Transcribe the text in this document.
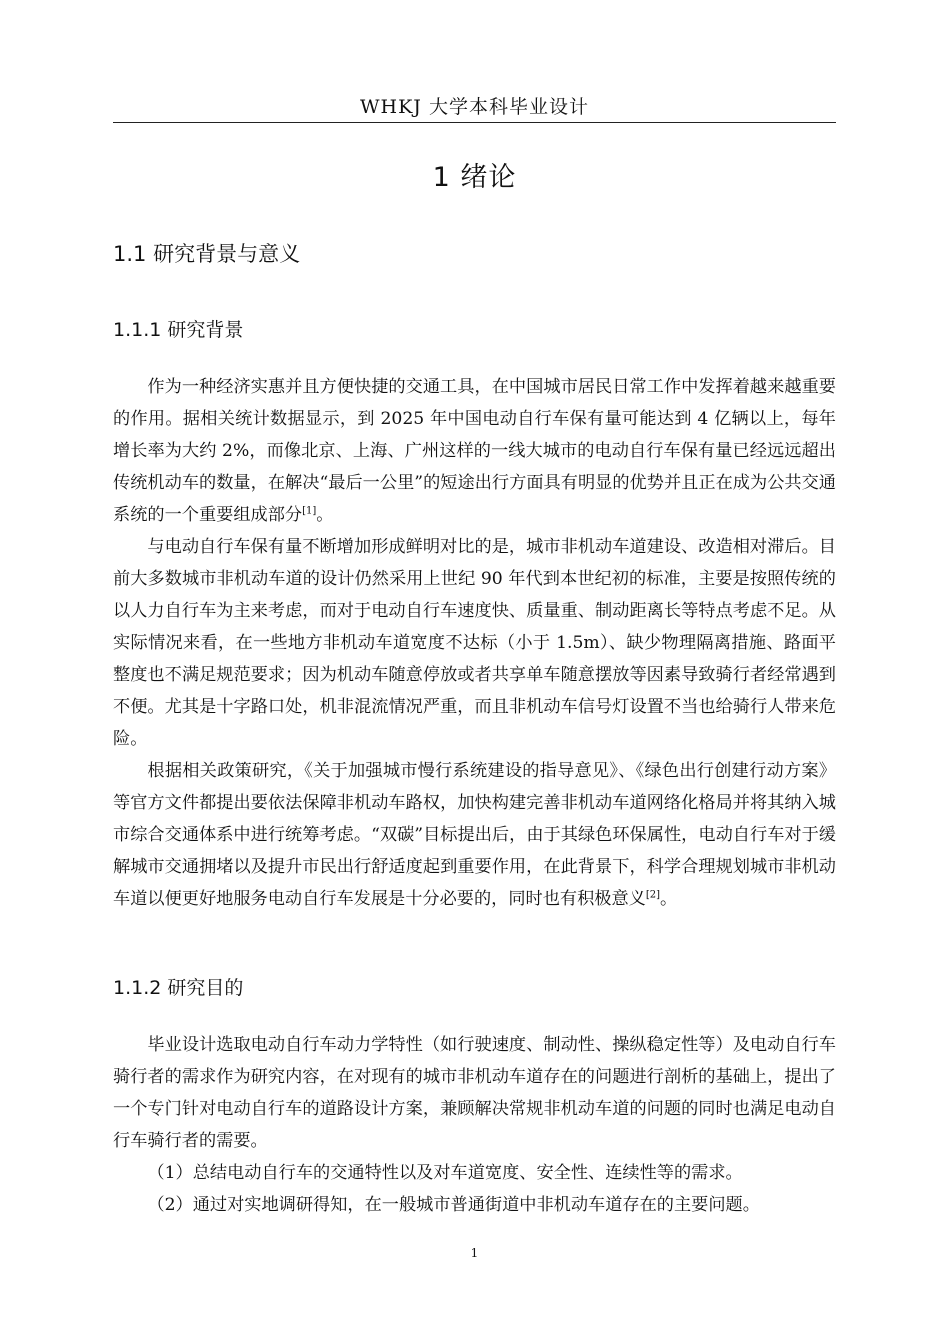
WHKJ 大学本科毕业设计
1 绪论
1.1 研究背景与意义
1.1.1 研究背景

作为一种经济实惠并且方便快捷的交通工具，在中国城市居民日常工作中发挥着越来越重要的作用。据相关统计数据显示，到 2025 年中国电动自行车保有量可能达到 4 亿辆以上，每年增长率为大约 2%，而像北京、上海、广州这样的一线大城市的电动自行车保有量已经远远超出传统机动车的数量，在解决“最后一公里”的短途出行方面具有明显的优势并且正在成为公共交通系统的一个重要组成部分[1]。

与电动自行车保有量不断增加形成鲜明对比的是，城市非机动车道建设、改造相对滞后。目前大多数城市非机动车道的设计仍然采用上世纪 90 年代到本世纪初的标准，主要是按照传统的以人力自行车为主来考虑，而对于电动自行车速度快、质量重、制动距离长等特点考虑不足。从实际情况来看，在一些地方非机动车道宽度不达标（小于 1.5m）、缺少物理隔离措施、路面平整度也不满足规范要求；因为机动车随意停放或者共享单车随意摆放等因素导致骑行者经常遇到不便。尤其是十字路口处，机非混流情况严重，而且非机动车信号灯设置不当也给骑行人带来危险。

根据相关政策研究，《关于加强城市慢行系统建设的指导意见》、《绿色出行创建行动方案》等官方文件都提出要依法保障非机动车路权，加快构建完善非机动车道网络化格局并将其纳入城市综合交通体系中进行统筹考虑。“双碳”目标提出后，由于其绿色环保属性，电动自行车对于缓解城市交通拥堵以及提升市民出行舒适度起到重要作用，在此背景下，科学合理规划城市非机动车道以便更好地服务电动自行车发展是十分必要的，同时也有积极意义[2]。

1.1.2 研究目的

毕业设计选取电动自行车动力学特性（如行驶速度、制动性、操纵稳定性等）及电动自行车骑行者的需求作为研究内容，在对现有的城市非机动车道存在的问题进行剖析的基础上，提出了一个专门针对电动自行车的道路设计方案，兼顾解决常规非机动车道的问题的同时也满足电动自行车骑行者的需要。

（1）总结电动自行车的交通特性以及对车道宽度、安全性、连续性等的需求。

（2）通过对实地调研得知，在一般城市普通街道中非机动车道存在的主要问题。

1
